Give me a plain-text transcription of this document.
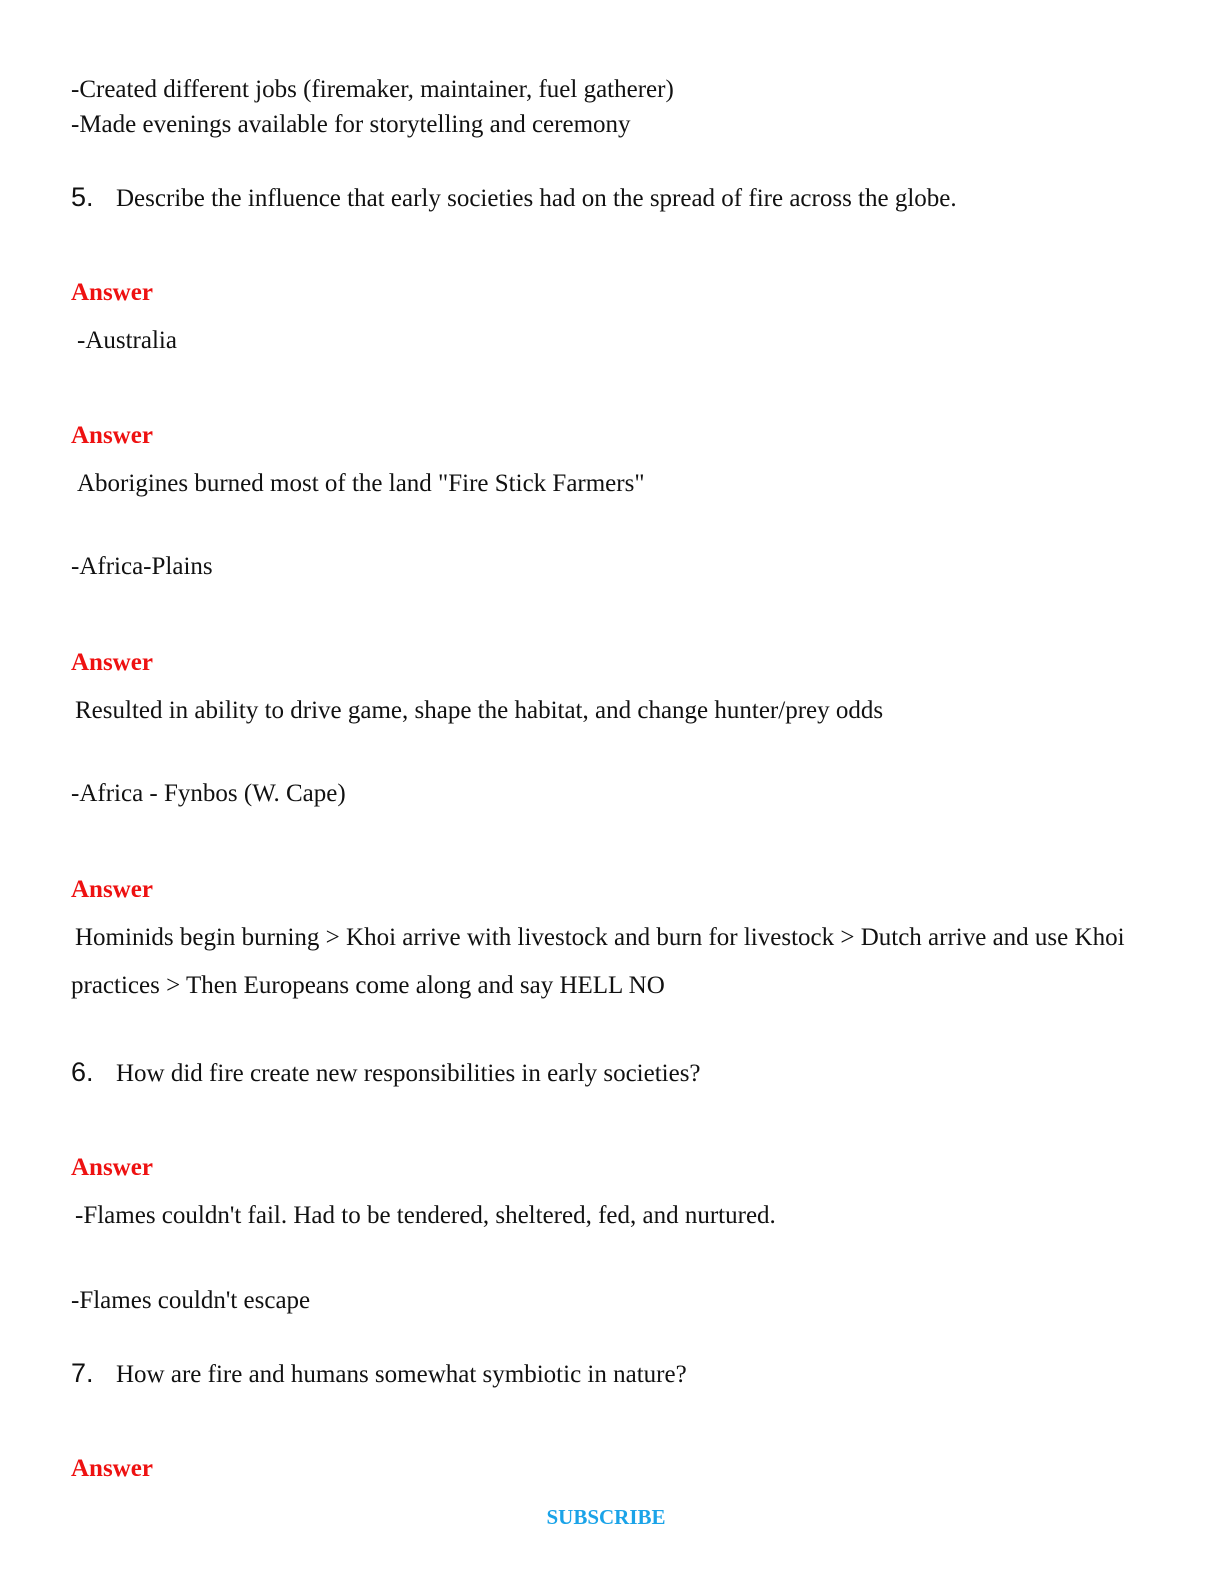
-Created different jobs (firemaker, maintainer, fuel gatherer)
-Made evenings available for storytelling and ceremony
5. Describe the influence that early societies had on the spread of fire across the globe.
Answer
-Australia
Answer
Aborigines burned most of the land "Fire Stick Farmers"
-Africa-Plains
Answer
Resulted in ability to drive game, shape the habitat, and change hunter/prey odds
-Africa - Fynbos (W. Cape)
Answer
Hominids begin burning > Khoi arrive with livestock and burn for livestock > Dutch arrive and use Khoi practices > Then Europeans come along and say HELL NO
6. How did fire create new responsibilities in early societies?
Answer
-Flames couldn't fail. Had to be tendered, sheltered, fed, and nurtured.
-Flames couldn't escape
7. How are fire and humans somewhat symbiotic in nature?
Answer
SUBSCRIBE
